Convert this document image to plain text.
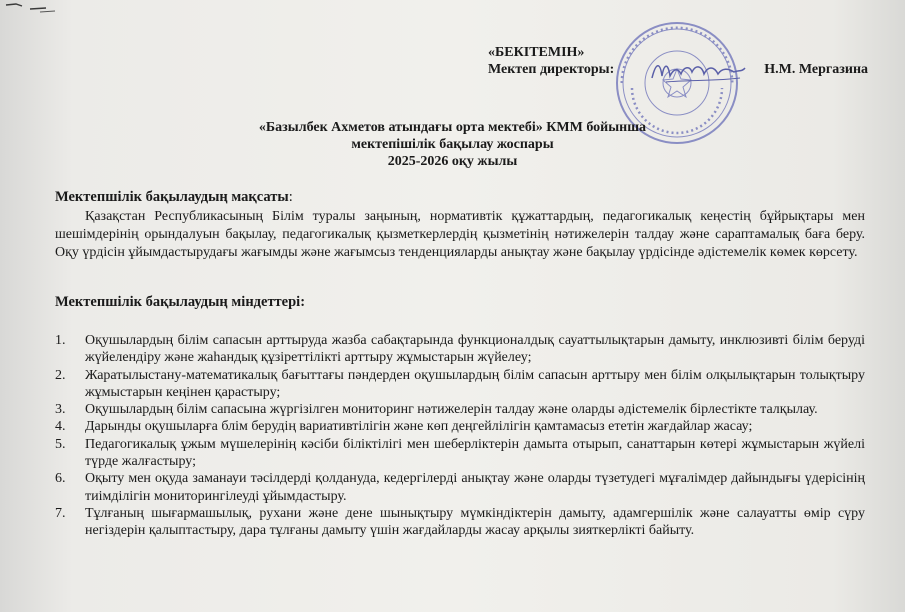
«БЕКІТЕМІН»
Мектеп директоры:	Н.М. Мергазина
«Базылбек Ахметов атындағы орта мектебі» КММ бойынша
мектепішілік бақылау жоспары
2025-2026 оқу жылы
Мектепшілік бақылаудың мақсаты:
Қазақстан Республикасының Білім туралы заңының, нормативтік құжаттардың, педагогикалық кеңестің бұйрықтары мен шешімдерінің орындалуын бақылау, педагогикалық қызметкерлердің қызметінің нәтижелерін талдау және сараптамалық баға беру. Оқу үрдісін ұйымдастырудағы жағымды және жағымсыз тенденцияларды анықтау және бақылау үрдісінде әдістемелік көмек көрсету.
Мектепшілік бақылаудың міндеттері:
1. Оқушылардың білім сапасын арттыруда жазба сабақтарында функционалдық сауаттылықтарын дамыту, инклюзивті білім беруді жүйелендіру және жаһандық құзіреттілікті арттыру жұмыстарын жүйелеу;
2. Жаратылыстану-математикалық бағыттағы пәндерден оқушылардың білім сапасын арттыру мен білім олқылықтарын толықтыру жұмыстарын кеңінен қарастыру;
3. Оқушылардың білім сапасына жүргізілген мониторинг нәтижелерін талдау және оларды әдістемелік бірлестікте талқылау.
4. Дарынды оқушыларға блім берудің вариативтілігін және көп деңгейлілігін қамтамасыз ететін жағдайлар жасау;
5. Педагогикалық ұжым мүшелерінің кәсіби біліктілігі мен шеберліктерін дамыта отырып, санаттарын көтері жұмыстарын жүйелі түрде жалғастыру;
6. Оқыту мен оқуда заманауи тәсілдерді қолдануда, кедергілерді анықтау және оларды түзетудегі мұғалімдер дайындығы үдерісінің тиімділігін мониторингілеуді ұйымдастыру.
7. Тұлғаның шығармашылық, рухани және дене шынықтыру мүмкіндіктерін дамыту, адамгершілік және салауатты өмір сүру негіздерін қалыптастыру, дара тұлғаны дамыту үшін жағдайларды жасау арқылы зияткерлікті байыту.
